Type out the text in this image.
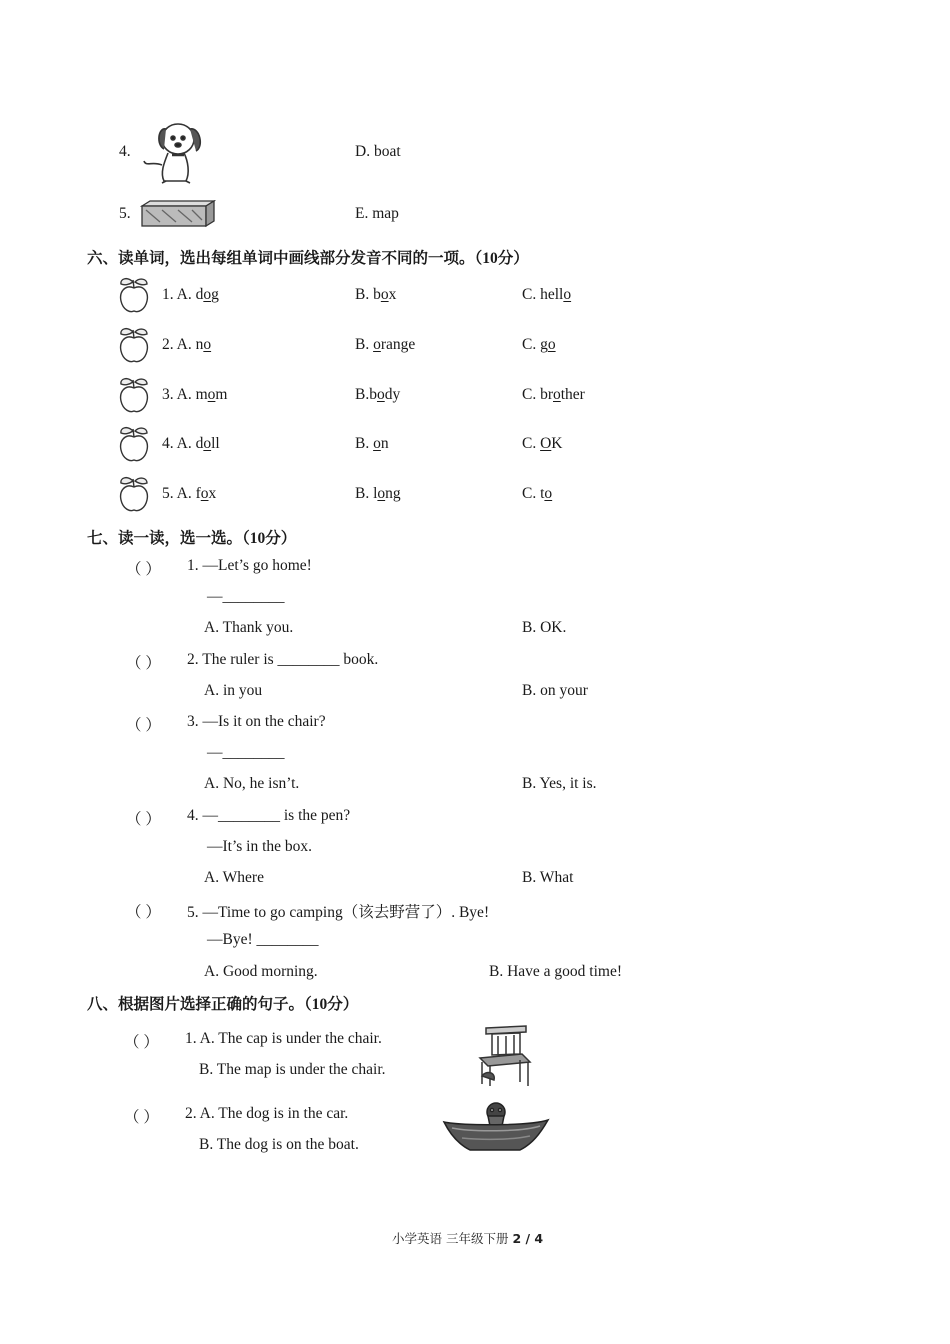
4.	D. boat
5.	E. map
六、读单词，选出每组单词中画线部分发音不同的一项。（10分）
1. A. dog	B. box	C. hello
2. A. no	B. orange	C. go
3. A. mom	B.body	C. brother
4. A. doll	B. on	C. OK
5. A. fox	B. long	C. to
七、读一读，选一选。（10分）
（ ） 1. —Let’s go home!
—________
A. Thank you.	B. OK.
（ ） 2. The ruler is ________ book.
A. in you	B. on your
（ ） 3. —Is it on the chair?
—________
A. No, he isn’t.	B. Yes, it is.
（ ） 4. —________ is the pen?
—It’s in the box.
A. Where	B. What
（ ） 5. —Time to go camping（该去野营了）. Bye!
—Bye! ________
A. Good morning.	B. Have a good time!
八、根据图片选择正确的句子。（10分）
（ ） 1. A. The cap is under the chair.
B. The map is under the chair.
（ ） 2. A. The dog is in the car.
B. The dog is on the boat.
小学英语 三年级下册 2 / 4
